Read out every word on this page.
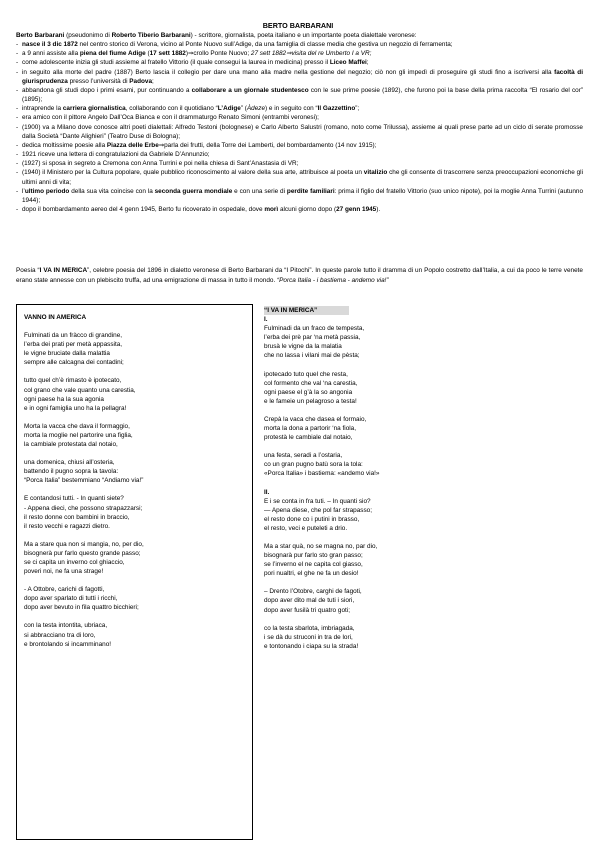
BERTO BARBARANI

Berto Barbarani (pseudonimo di Roberto Tiberio Barbarani) - scrittore, giornalista, poeta italiano e un importante poeta dialettale veronese:

- nasce il 3 dic 1872 nel centro storico di Verona, vicino al Ponte Nuovo sull’Adige, da una famiglia di classe media che gestiva un negozio di ferramenta;
- a 9 anni assiste alla piena del fiume Adige (17 sett 1882)⇒crollo Ponte Nuovo; 27 sett 1882⇒visita del re Umberto I a VR;
- come adolescente inizia gli studi assieme al fratello Vittorio (il quale consegui la laurea in medicina) presso il Liceo Maffei;
- in seguito alla morte del padre (1887) Berto lascia il collegio per dare una mano alla madre nella gestione del negozio; ciò non gli impedì di proseguire gli studi fino a iscriversi alla facoltà di giurisprudenza presso l’università di Padova;
- abbandona gli studi dopo i primi esami, pur continuando a collaborare a un giornale studentesco con le sue prime poesie (1892), che furono poi la base della prima raccolta “El rosario del cor” (1895);
- intraprende la carriera giornalistica, collaborando con il quotidiano “L’Adige” (Àdeze) e in seguito con “Il Gazzettino”;
- era amico con il pittore Angelo Dall’Oca Bianca e con il drammaturgo Renato Simoni (entrambi veronesi);
- (1900) va a Milano dove conosce altri poeti dialettali: Alfredo Testoni (bolognese) e Carlo Alberto Salustri (romano, noto come Trilussa), assieme ai quali prese parte ad un ciclo di serate promosse dalla Società “Dante Alighieri” (Teatro Duse di Bologna);
- dedica moltissime poesie alla Piazza delle Erbe⇒parla dei frutti, della Torre dei Lamberti, del bombardamento (14 nov 1915);
- 1921 riceve una lettera di congratulazioni da Gabriele D’Annunzio;
- (1927) si sposa in segreto a Cremona con Anna Turrini e poi nella chiesa di Sant’Anastasia di VR;
- (1940) il Ministero per la Cultura popolare, quale pubblico riconoscimento al valore della sua arte, attribuisce al poeta un vitalizio che gli consente di trascorrere senza preoccupazioni economiche gli ultimi anni di vita;
- l’ultimo periodo della sua vita coincise con la seconda guerra mondiale e con una serie di perdite familiari: prima il figlio del fratello Vittorio (suo unico nipote), poi la moglie Anna Turrini (autunno 1944);
- dopo il bombardamento aereo del 4 genn 1945, Berto fu ricoverato in ospedale, dove morì alcuni giorno dopo (27 genn 1945).

Poesia “I VA IN MERICA”, celebre poesia del 1896 in dialetto veronese di Berto Barbarani da “I Pitochi”. In queste parole tutto il dramma di un Popolo costretto dall’Italia, a cui da poco le terre venete erano state annesse con un plebiscito truffa, ad una emigrazione di massa in tutto il mondo. “Porca Italia - i bastiema - andemo via!”

VANNO IN AMERICA
Fulminati da un fràcco di grandine,
l’erba dei prati per metà appassita,
le vigne bruciate dalla malattia
sempre alle calcagna dei contadini;
tutto quel ch’è rimasto è ipotecato,
col grano che vale quanto una carestia,
ogni paese ha la sua agonia
e in ogni famiglia uno ha la pellagra!
Morta la vacca che dava il formaggio,
morta la moglie nel partorire una figlia,
la cambiale protestata dal notaio,
una domenica, chiusi all’osteria,
battendo il pugno sopra la tavola:
“Porca Italia” bestemmiano “Andiamo via!”
E contandosi tutti. - In quanti siete?
- Appena dieci, che possono strapazzarsi;
il resto donne con bambini in braccio,
il resto vecchi e ragazzi dietro.
Ma a stare qua non si mangia, no, per dio,
bisognerà pur farlo questo grande passo;
se ci capita un inverno col ghiaccio,
poveri noi, ne fa una strage!
- A Ottobre, carichi di fagotti,
dopo aver sparlato di tutti i ricchi,
dopo aver bevuto in fila quattro bicchieri;
con la testa intontita, ubriaca,
si abbracciano tra di loro,
e brontolando si incamminano!
“I VA IN MERICA”
I.
Fulminadi da un fraco de tempesta,
l’erba dei prè par ‘na metà passia,
brusà le vigne da la malatia
che no lassa i vilani mai de pèsta;
ipotecado tuto quel che resta,
col formento che val ‘na carestia,
ogni paese el g’à la so angonia
e le fameie un pelagroso a testa!
Crepà la vaca che dasea el formaio,
morta la dona a partorir ‘na fiola,
protestà le cambiale dal notaio,
una festa, seradi a l’ostaria,
co un gran pugno batù sora la tola:
«Porca Italia» i bastiema: «andemo via!»
II.
E i se conta in fra tuti. – In quanti sio?
— Apena diese, che pol far strapasso;
el resto done co i putini in brasso,
el resto, veci e puteleti a drio.
Ma a star quà, no se magna no, par dio,
bisognarà pur farlo sto gran passo;
se l’inverno el ne capita col giasso,
pori nualtri, el ghe ne fa un desio!
– Drento l’Otobre, carghi de fagoti,
dopo aver dito mal de tuti i siori,
dopo aver fusilà tri quatro goti;
co la testa sbarlota, imbriagada,
i se dà du struconi in tra de lori,
e tontonando i ciapa su la strada!
